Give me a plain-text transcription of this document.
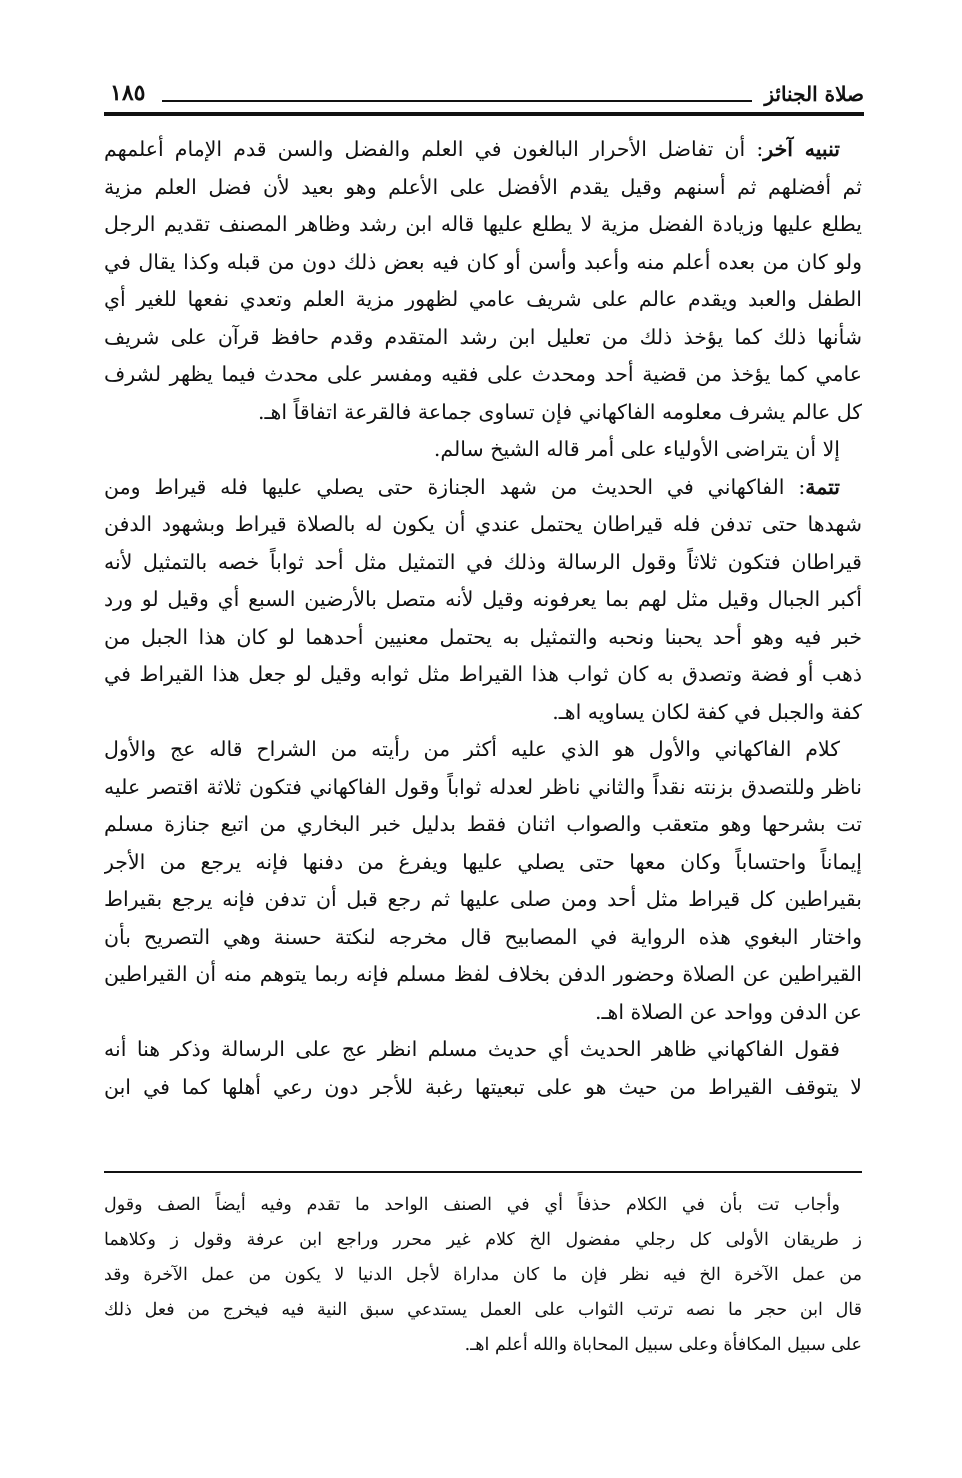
صلاة الجنائز
١٨٥
تنبيه آخر: أن تفاضل الأحرار البالغون في العلم والفضل والسن قدم الإمام أعلمهم
ثم أفضلهم ثم أسنهم وقيل يقدم الأفضل على الأعلم وهو بعيد لأن فضل العلم مزية
يطلع عليها وزيادة الفضل مزية لا يطلع عليها قاله ابن رشد وظاهر المصنف تقديم الرجل
ولو كان من بعده أعلم منه وأعبد وأسن أو كان فيه بعض ذلك دون من قبله وكذا يقال في
الطفل والعبد ويقدم عالم على شريف عامي لظهور مزية العلم وتعدي نفعها للغير أي
شأنها ذلك كما يؤخذ ذلك من تعليل ابن رشد المتقدم وقدم حافظ قرآن على شريف
عامي كما يؤخذ من قضية أحد ومحدث على فقيه ومفسر على محدث فيما يظهر لشرف
كل عالم يشرف معلومه الفاكهاني فإن تساوى جماعة فالقرعة اتفاقاً اهـ.
إلا أن يتراضى الأولياء على أمر قاله الشيخ سالم.
تتمة: الفاكهاني في الحديث من شهد الجنازة حتى يصلي عليها فله قيراط ومن
شهدها حتى تدفن فله قيراطان يحتمل عندي أن يكون له بالصلاة قيراط وبشهود الدفن
قيراطان فتكون ثلاثاً وقول الرسالة وذلك في التمثيل مثل أحد ثواباً خصه بالتمثيل لأنه
أكبر الجبال وقيل مثل لهم بما يعرفونه وقيل لأنه متصل بالأرضين السبع أي وقيل لو ورد
خبر فيه وهو أحد يحبنا ونحبه والتمثيل به يحتمل معنيين أحدهما لو كان هذا الجبل من
ذهب أو فضة وتصدق به كان ثواب هذا القيراط مثل ثوابه وقيل لو جعل هذا القيراط في
كفة والجبل في كفة لكان يساويه اهـ.
كلام الفاكهاني والأول هو الذي عليه أكثر من رأيته من الشراح قاله عج والأول
ناظر وللتصدق بزنته نقداً والثاني ناظر لعدله ثواباً وقول الفاكهاني فتكون ثلاثة اقتصر عليه
تت بشرحها وهو متعقب والصواب اثنان فقط بدليل خبر البخاري من اتبع جنازة مسلم
إيماناً واحتساباً وكان معها حتى يصلي عليها ويفرغ من دفنها فإنه يرجع من الأجر
بقيراطين كل قيراط مثل أحد ومن صلى عليها ثم رجع قبل أن تدفن فإنه يرجع بقيراط
واختار البغوي هذه الرواية في المصابيح قال مخرجه لنكتة حسنة وهي التصريح بأن
القيراطين عن الصلاة وحضور الدفن بخلاف لفظ مسلم فإنه ربما يتوهم منه أن القيراطين
عن الدفن وواحد عن الصلاة اهـ.
فقول الفاكهاني ظاهر الحديث أي حديث مسلم انظر عج على الرسالة وذكر هنا أنه
لا يتوقف القيراط من حيث هو على تبعيتها رغبة للأجر دون رعي أهلها كما في ابن
وأجاب تت بأن في الكلام حذفاً أي في الصنف الواحد ما تقدم وفيه أيضاً الصف وقول
ز طريقان الأولى كل رجلي مفضول الخ كلام غير محرر وراجع ابن عرفة وقول ز وكلاهما
من عمل الآخرة الخ فيه نظر فإن ما كان مداراة لأجل الدنيا لا يكون من عمل الآخرة وقد
قال ابن حجر ما نصه ترتب الثواب على العمل يستدعي سبق النية فيه فيخرج من فعل ذلك
على سبيل المكافأة وعلى سبيل المحاباة والله أعلم اهـ.
